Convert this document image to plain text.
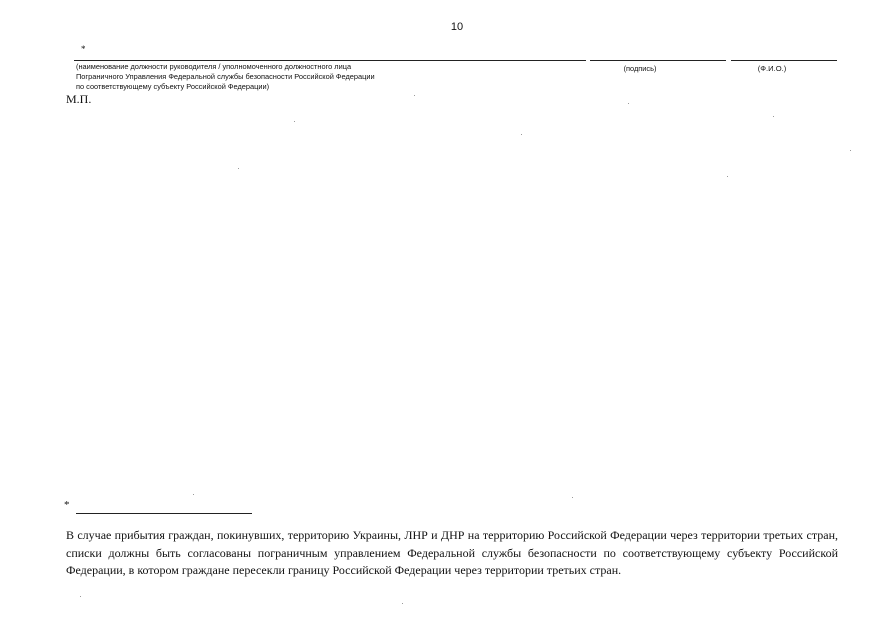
10
*
(наименование должности руководителя / уполномоченного должностного лица
Пограничного Управления Федеральной службы безопасности Российской Федерации
по соответствующему субъекту Российской Федерации)
(подпись)	(Ф.И.О.)
М.П.
*
В случае прибытия граждан, покинувших, территорию Украины, ЛНР и ДНР на территорию Российской Федерации через территории третьих стран, списки должны быть согласованы пограничным управлением Федеральной службы безопасности по соответствующему субъекту Российской Федерации, в котором граждане пересекли границу Российской Федерации через территории третьих стран.
